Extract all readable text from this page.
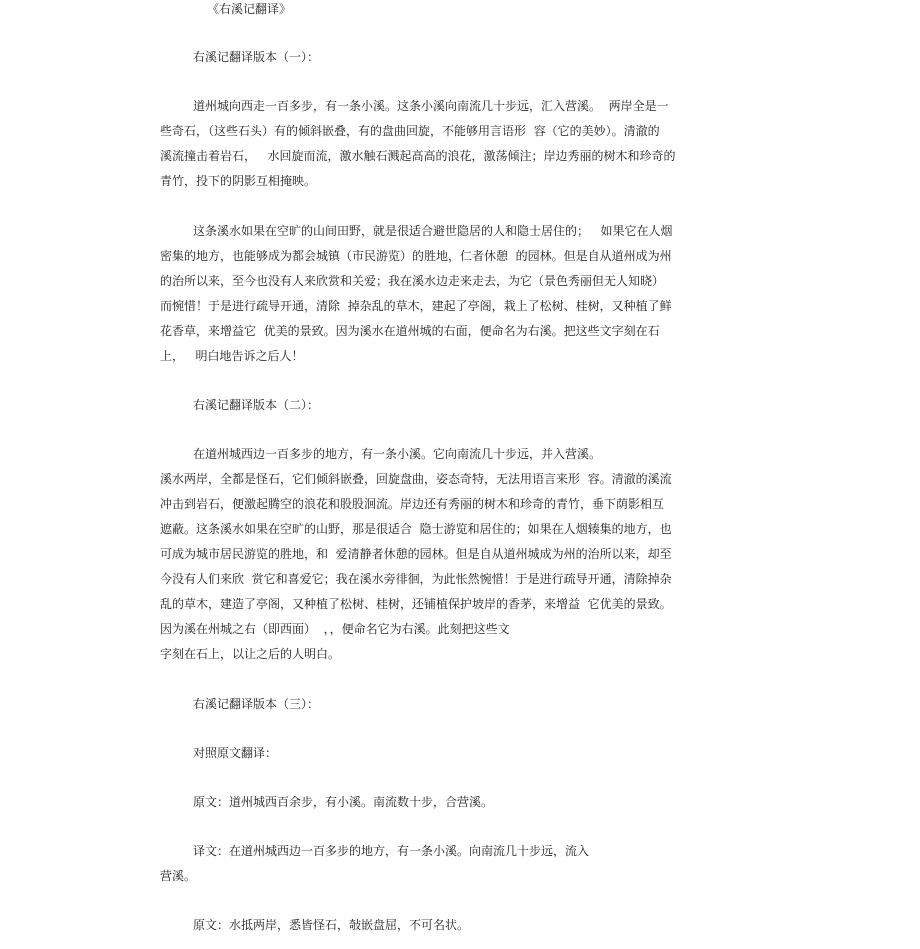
《右溪记翻译》

右溪记翻译版本（一）：

道州城向西走一百多步，有一条小溪。这条小溪向南流几十步远，汇入营溪。  两岸全是一

些奇石，（这些石头）有的倾斜嵌叠，有的盘曲回旋，不能够用言语形  容（它的美妙）。清澈的

溪流撞击着岩石，   水回旋而流，激水触石溅起高高的浪花，激荡倾注；岸边秀丽的树木和珍奇的

青竹，投下的阴影互相掩映。

这条溪水如果在空旷的山间田野，就是很适合避世隐居的人和隐士居住的；   如果它在人烟

密集的地方，也能够成为都会城镇（市民游览）的胜地，仁者休憩  的园林。但是自从道州成为州

的治所以来，至今也没有人来欣赏和关爱；我在溪水边走来走去，为它（景色秀丽但无人知晓）

而惋惜！于是进行疏导开通，清除  掉杂乱的草木，建起了亭阁，栽上了松树、桂树，又种植了鲜

花香草，来增益它  优美的景致。因为溪水在道州城的右面，便命名为右溪。把这些文字刻在石

上，   明白地告诉之后人！

右溪记翻译版本（二）：

在道州城西边一百多步的地方，有一条小溪。它向南流几十步远，并入营溪。

溪水两岸，全都是怪石，它们倾斜嵌叠，回旋盘曲，姿态奇特，无法用语言来形  容。清澈的溪流

冲击到岩石，便激起腾空的浪花和股股洄流。岸边还有秀丽的树木和珍奇的青竹，垂下荫影相互

遮蔽。这条溪水如果在空旷的山野，那是很适合  隐士游览和居住的；如果在人烟辏集的地方，也

可成为城市居民游览的胜地，和  爱清静者休憩的园林。但是自从道州城成为州的治所以来，却至

今没有人们来欣  赏它和喜爱它；我在溪水旁徘徊，为此怅然惋惜！于是进行疏导开通，清除掉杂

乱的草木，建造了亭阁，又种植了松树、桂树，还铺植保护坡岸的香茅，来增益  它优美的景致。

因为溪在州城之右（即西面）  ，，便命名它为右溪。此刻把这些文

字刻在石上，以让之后的人明白。

右溪记翻译版本（三）：

对照原文翻译：

原文：道州城西百余步，有小溪。南流数十步，合营溪。

译文：在道州城西边一百多步的地方，有一条小溪。向南流几十步远，流入

营溪。

原文：水抵两岸，悉皆怪石，敧嵌盘屈，不可名状。
